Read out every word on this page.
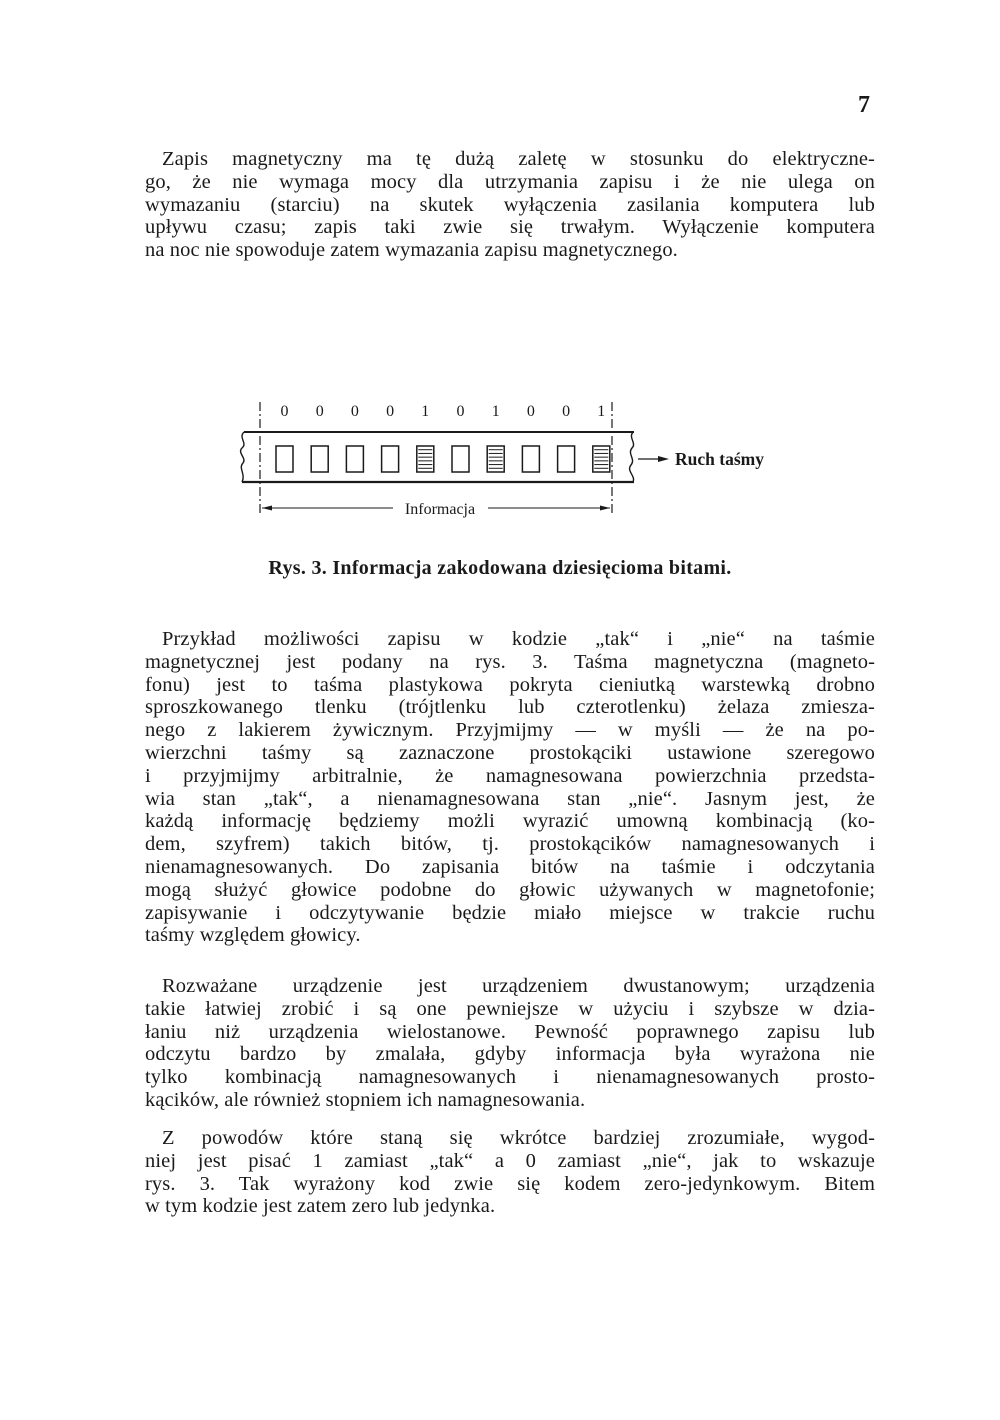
7
Zapis magnetyczny ma tę dużą zaletę w stosunku do elektryczne-
go, że nie wymaga mocy dla utrzymania zapisu i że nie ulega on
wymazaniu (starciu) na skutek wyłączenia zasilania komputera lub
upływu czasu; zapis taki zwie się trwałym. Wyłączenie komputera
na noc nie spowoduje zatem wymazania zapisu magnetycznego.
0 0 0 0 1 0 1 0 0 1
Ruch taśmy
Informacja
Rys. 3. Informacja zakodowana dziesięcioma bitami.
Przykład możliwości zapisu w kodzie „tak“ i „nie“ na taśmie
magnetycznej jest podany na rys. 3. Taśma magnetyczna (magneto-
fonu) jest to taśma plastykowa pokryta cieniutką warstewką drobno
sproszkowanego tlenku (trójtlenku lub czterotlenku) żelaza zmiesza-
nego z lakierem żywicznym. Przyjmijmy — w myśli — że na po-
wierzchni taśmy są zaznaczone prostokąciki ustawione szeregowo
i przyjmijmy arbitralnie, że namagnesowana powierzchnia przedsta-
wia stan „tak“, a nienamagnesowana stan „nie“. Jasnym jest, że
każdą informację będziemy możli wyrazić umowną kombinacją (ko-
dem, szyfrem) takich bitów, tj. prostokącików namagnesowanych i
nienamagnesowanych. Do zapisania bitów na taśmie i odczytania
mogą służyć głowice podobne do głowic używanych w magnetofonie;
zapisywanie i odczytywanie będzie miało miejsce w trakcie ruchu
taśmy względem głowicy.
Rozważane urządzenie jest urządzeniem dwustanowym; urządzenia
takie łatwiej zrobić i są one pewniejsze w użyciu i szybsze w dzia-
łaniu niż urządzenia wielostanowe. Pewność poprawnego zapisu lub
odczytu bardzo by zmalała, gdyby informacja była wyrażona nie
tylko kombinacją namagnesowanych i nienamagnesowanych prosto-
kącików, ale również stopniem ich namagnesowania.
Z powodów które staną się wkrótce bardziej zrozumiałe, wygod-
niej jest pisać 1 zamiast „tak“ a 0 zamiast „nie“, jak to wskazuje
rys. 3. Tak wyrażony kod zwie się kodem zero-jedynkowym. Bitem
w tym kodzie jest zatem zero lub jedynka.
